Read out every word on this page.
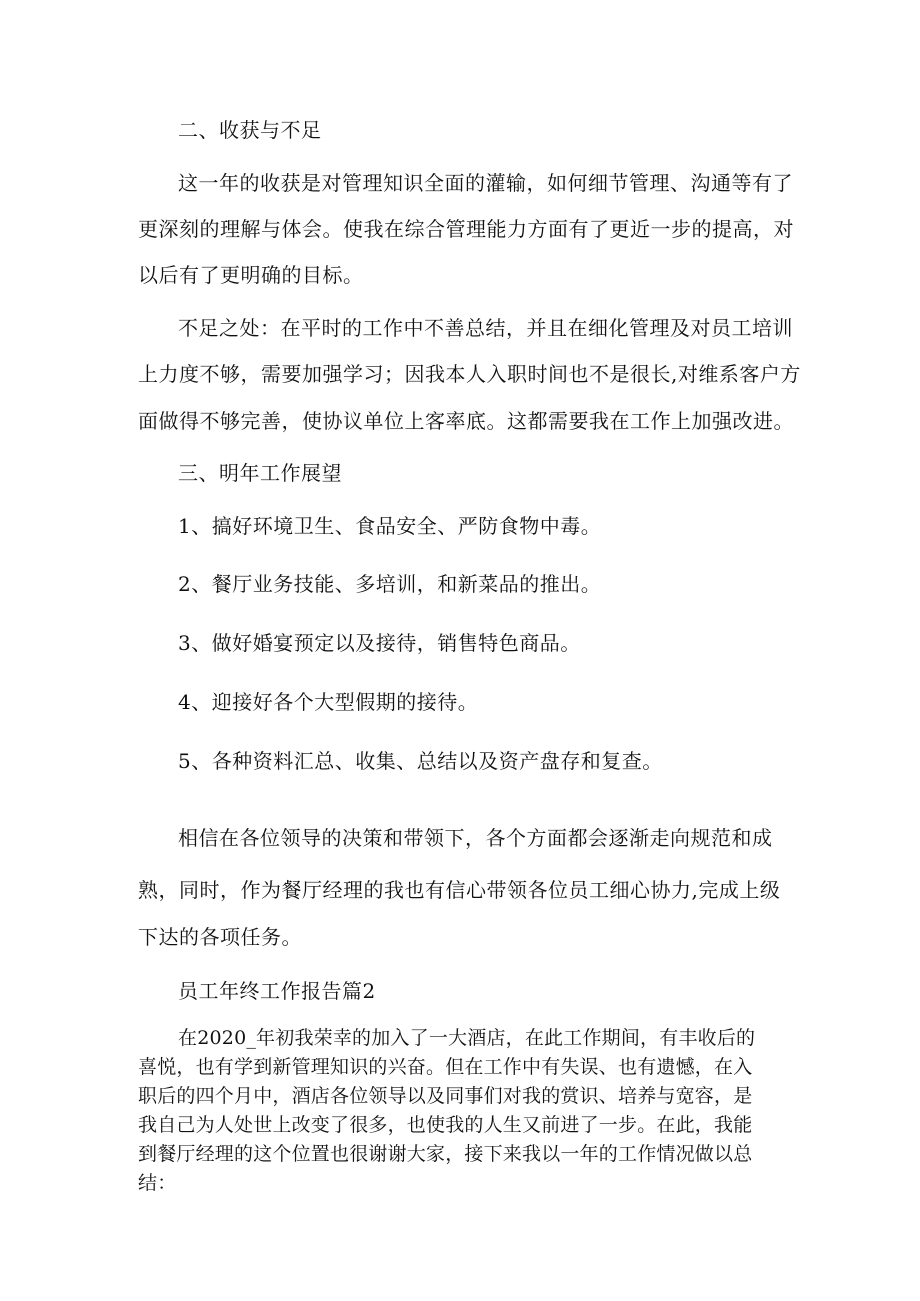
二、收获与不足
这一年的收获是对管理知识全面的灌输，如何细节管理、沟通等有了
更深刻的理解与体会。使我在综合管理能力方面有了更近一步的提高，对
以后有了更明确的目标。
不足之处：在平时的工作中不善总结，并且在细化管理及对员工培训
上力度不够，需要加强学习；因我本人入职时间也不是很长,对维系客户方
面做得不够完善，使协议单位上客率底。这都需要我在工作上加强改进。
三、明年工作展望
1、搞好环境卫生、食品安全、严防食物中毒。
2、餐厅业务技能、多培训，和新菜品的推出。
3、做好婚宴预定以及接待，销售特色商品。
4、迎接好各个大型假期的接待。
5、各种资料汇总、收集、总结以及资产盘存和复查。
相信在各位领导的决策和带领下，各个方面都会逐渐走向规范和成
熟，同时，作为餐厅经理的我也有信心带领各位员工细心协力,完成上级
下达的各项任务。
员工年终工作报告篇2
在2020_年初我荣幸的加入了一大酒店，在此工作期间，有丰收后的
喜悦，也有学到新管理知识的兴奋。但在工作中有失误、也有遗憾，在入
职后的四个月中，酒店各位领导以及同事们对我的赏识、培养与宽容，是
我自己为人处世上改变了很多，也使我的人生又前进了一步。在此，我能
到餐厅经理的这个位置也很谢谢大家，接下来我以一年的工作情况做以总
结：
